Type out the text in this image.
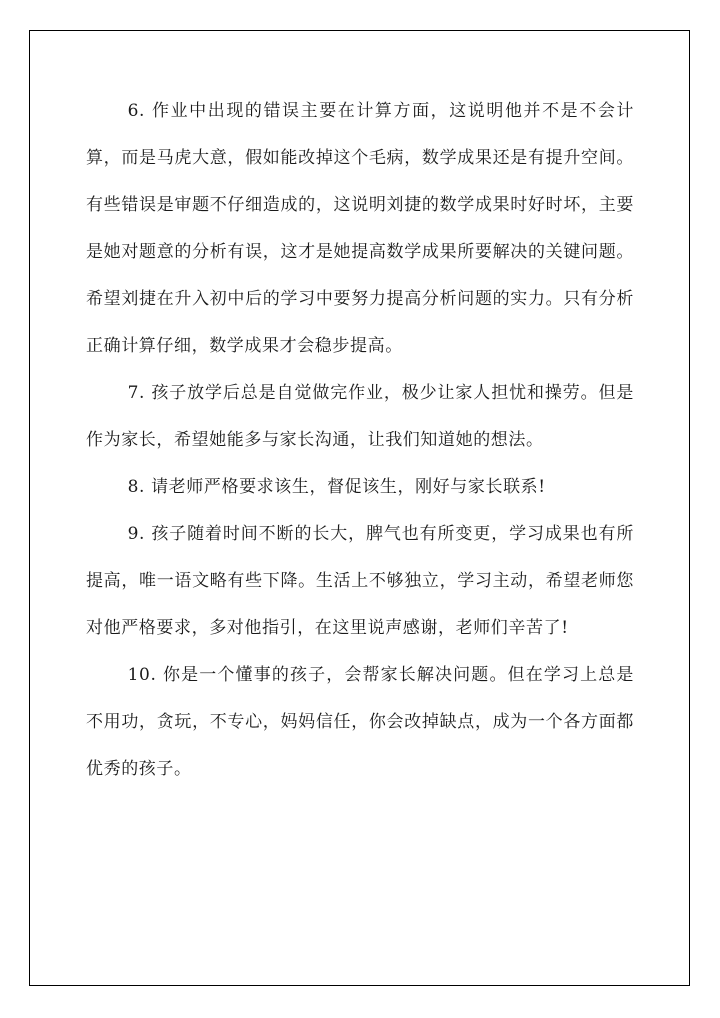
6. 作业中出现的错误主要在计算方面，这说明他并不是不会计算，而是马虎大意，假如能改掉这个毛病，数学成果还是有提升空间。有些错误是审题不仔细造成的，这说明刘捷的数学成果时好时坏，主要是她对题意的分析有误，这才是她提高数学成果所要解决的关键问题。希望刘捷在升入初中后的学习中要努力提高分析问题的实力。只有分析正确计算仔细，数学成果才会稳步提高。

7. 孩子放学后总是自觉做完作业，极少让家人担忧和操劳。但是作为家长，希望她能多与家长沟通，让我们知道她的想法。

8. 请老师严格要求该生，督促该生，刚好与家长联系!

9. 孩子随着时间不断的长大，脾气也有所变更，学习成果也有所提高，唯一语文略有些下降。生活上不够独立，学习主动，希望老师您对他严格要求，多对他指引，在这里说声感谢，老师们辛苦了!

10. 你是一个懂事的孩子，会帮家长解决问题。但在学习上总是不用功，贪玩，不专心，妈妈信任，你会改掉缺点，成为一个各方面都优秀的孩子。
